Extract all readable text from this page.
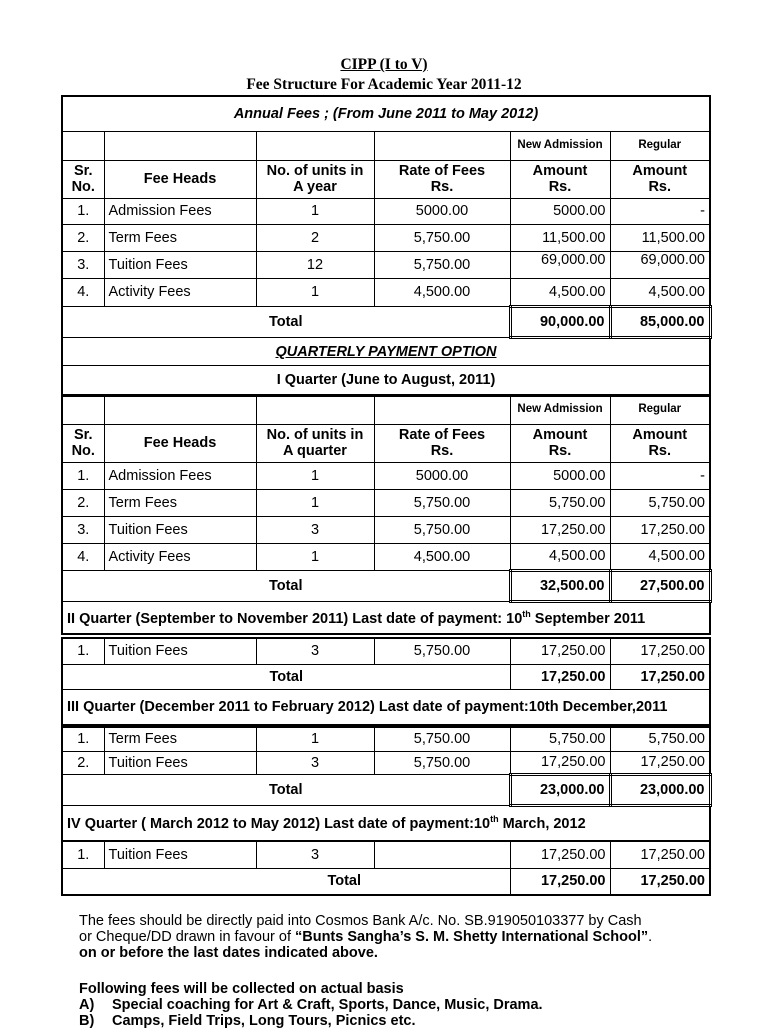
CIPP (I to V)
Fee Structure For Academic Year 2011-12
Annual Fees ; (From June 2011 to May 2012)					
				New Admission	Regular
Sr. No.	Fee Heads	No. of units in A year	Rate of Fees Rs.	Amount Rs.	Amount Rs.
1.	Admission Fees	1	5000.00	5000.00	-
2.	Term Fees	2	5,750.00	11,500.00	11,500.00
3.	Tuition Fees	12	5,750.00	69,000.00	69,000.00
4.	Activity Fees	1	4,500.00	4,500.00	4,500.00
Total				90,000.00	85,000.00
QUARTERLY PAYMENT OPTION					
I Quarter (June to August, 2011)					
				New Admission	Regular
Sr. No.	Fee Heads	No. of units in A quarter	Rate of Fees Rs.	Amount Rs.	Amount Rs.
1.	Admission Fees	1	5000.00	5000.00	-
2.	Term Fees	1	5,750.00	5,750.00	5,750.00
3.	Tuition Fees	3	5,750.00	17,250.00	17,250.00
4.	Activity Fees	1	4,500.00	4,500.00	4,500.00
Total				32,500.00	27,500.00
II Quarter (September to November 2011) Last date of payment: 10th September 2011					
1.	Tuition Fees	3	5,750.00	17,250.00	17,250.00
Total				17,250.00	17,250.00
III Quarter (December 2011 to February 2012) Last date of payment:10th December,2011					
1.	Term Fees	1	5,750.00	5,750.00	5,750.00
2.	Tuition Fees	3	5,750.00	17,250.00	17,250.00
Total				23,000.00	23,000.00
IV Quarter ( March 2012 to May 2012) Last date of payment:10th March, 2012					
1.	Tuition Fees	3		17,250.00	17,250.00
Total				17,250.00	17,250.00
The fees should be directly paid into Cosmos Bank A/c. No. SB.919050103377 by Cash
or Cheque/DD drawn in favour of “Bunts Sangha’s S. M. Shetty International School”.
on or before the last dates indicated above.
Following fees will be collected on actual basis
A) Special coaching for Art & Craft, Sports, Dance, Music, Drama.
B) Camps, Field Trips, Long Tours, Picnics etc.
